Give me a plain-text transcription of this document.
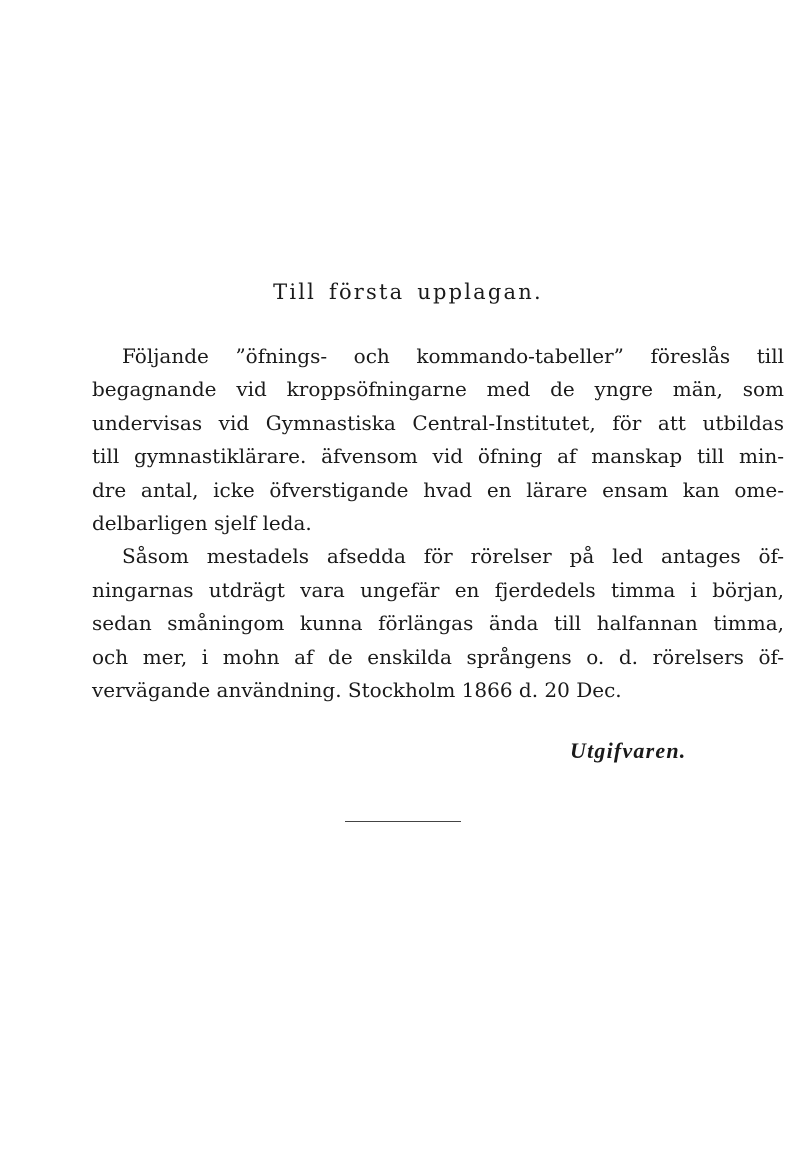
Till första upplagan.
Följande ”öfnings- och kommando-tabeller” föreslås till
begagnande vid kroppsöfningarne med de yngre män, som
undervisas vid Gymnastiska Central-Institutet, för att utbildas
till gymnastiklärare. äfvensom vid öfning af manskap till min-
dre antal, icke öfverstigande hvad en lärare ensam kan ome-
delbarligen sjelf leda.
Såsom mestadels afsedda för rörelser på led antages öf-
ningarnas utdrägt vara ungefär en fjerdedels timma i början,
sedan småningom kunna förlängas ända till halfannan timma,
och mer, i mohn af de enskilda språngens o. d. rörelsers öf-
vervägande användning. Stockholm 1866 d. 20 Dec.
Utgifvaren.
